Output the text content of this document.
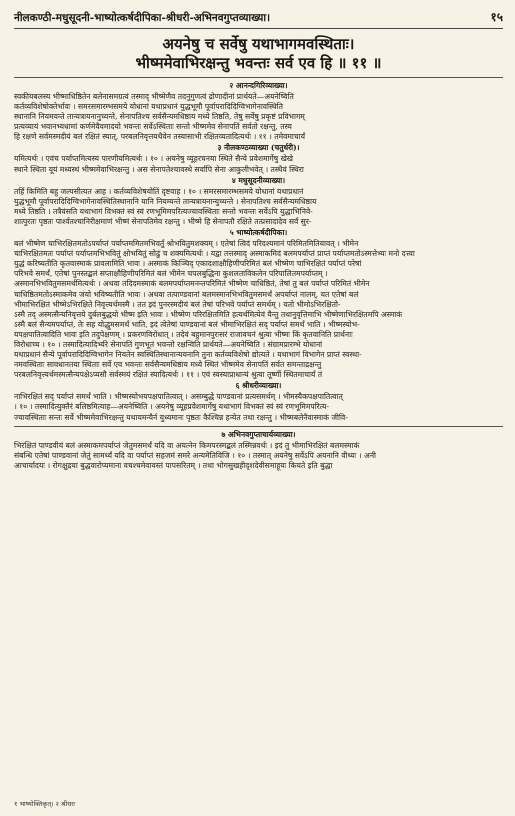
नीलकण्ठी-मधुसूदनी-भाष्योत्कर्षदीपिका-श्रीधरी-अभिनवगुप्तव्याख्या।	१५
अयनेषु च सर्वेषु यथाभागमवस्थिताः।
भीष्ममेवाभिरक्षन्तु भवन्तः सर्व एव हि ॥ ११ ॥
२ आनन्दगिरिव्याख्या।

स्वकीयबलस्य भीष्माधिष्ठितेन बलेनासमग्रत्वं तस्माद् भीष्मेणैव तदनुगुणत्वं द्रोणादीनां प्रार्थयते—अयनेष्विति

कर्तव्यविशेषोक्तेर्भावः । समरसमारम्भसमये योधानां यथाप्रधानं युद्धभूमौ पूर्वापरादिदिग्विभागेनावस्थिति

स्थानानि नियमयन्ते तान्यत्रायनानुच्यन्ते, सेनापतिश्च सर्वसैन्यमधिष्ठाय मध्ये तिष्ठति, तेषु सर्वेषु प्रकृष्टं प्रविभागम्

प्रत्यव्यायं भवानभ्यधामां कर्णमेवैवमादयो भवन्तः सर्वेऽस्थिताः सन्तो भीष्ममेव सेनापतिं सर्वतो रक्षन्तु, तस्य

हि रक्षणे सर्वमस्मदीयं बलं रक्षितं स्यात्, परबलनिवृत्तयथैवेन तस्यासाभी रक्षितव्यतादित्यर्थः । ११ । तमेवमाचार्यं

३ नीलकण्ठव्याख्या (चतुर्धरी)।

यमित्यर्थः । एवंच पर्याप्तमित्यस्य पारणीयमित्यर्थः । १० । अयनेषु व्यूहरचनया स्थिते सैन्ये प्रवेशमार्गेषु खेखे

स्थाने स्थिता यूयं मध्यस्थं भीष्ममेवाभिरक्षन्तु । अस सेनापतेश्चावस्थे सर्वापि सेना आकुलीभवेत् । तस्थैवं स्थिरा

४ मधुसूदनीव्याख्या।

तर्हि किमिति बहु जल्पसीत्यत आह । कर्तव्यविशेषयोतिं दृष्टवाह । १० । समरसमारम्भसमये योधानां यथाप्रधानं

युद्धभूमौ पूर्वापरादिदिग्विभागेनावस्थितिस्थानानि यानि नियम्यन्ते तान्यत्रायनान्युच्यन्ते । सेनापतिश्च सर्वसैन्यमधिष्ठाय

मध्ये तिष्ठति । तत्रैवंसति यथाभागं विभक्तं स्वं स्वं रणभूमिमपरित्यज्यावस्थिताः सन्तो भवन्तः सर्वेऽपि युद्धाभिनिवे-

शात्पुरतः पृष्ठतः पार्श्वतश्चानिरीक्षमाणं भीष्मं सेनापतिमेव रक्षन्तु । भीष्मे हि सेनापतौ रक्षिते तत्प्रसादादेव सर्वं सुर-

५ भाष्योत्कर्षदीपिका।

बलं भीष्मेण चाभिरक्षितमतोऽपर्याप्तं पर्याप्तममितमभिवर्तुं श्रोभयितुमशक्यम् । एतेषां त्विदं परिदश्यमानं परिमितमितियावत् । भीमेन

चाभिरक्षितमतः पर्याप्तं पर्याप्तमभिभवितुं क्षोभयितुं सोढुं च शक्यमित्यर्थः । यद्वा तत्तस्माद् अस्माकमिदं बलमपर्याप्तं प्राप्तं पर्याप्तमतोऽस्मत्तेभ्यः मनो दत्त्वा

युद्धं करिष्यतीति कृतवास्माकं प्रावलामिति भावः । अस्माकं किञ्चिद् एकादशाक्षौहिणीपरिमितं बलं भीष्मेण चाभिरक्षितं पर्याप्तं परेषां

परिभवे समर्थं, एतेषां पुनस्तद्बलं सप्ताक्षौहिणीपरिमितं बलं भीमेन चपलबुद्धिना कुशलताविकलेन परिपालितमपर्याप्तम् ।

अस्मानभिभवितुमसमर्थमित्यर्थः । अथवा तदिदमस्माकं बलमपर्याप्तमनन्तपरिमितं भीष्मेण चाधिष्ठितं, तेषां तु बलं पर्याप्तं परिमितं भीमेन

चाधिष्ठितमतोऽस्माकमेव जयो भविष्यतीति भावः । अथवा तत्पाण्डवानां बलमस्मानभिभवितुमसमर्थं अपर्याप्तं नालम्, यत एतेषां बलं

भीमाभिरक्षितं भीष्मेऽभिरक्षिते निवृत्त्यर्थमस्मै । तत इदं पुनरस्मदीयं बलं तेषां परिभवे पर्याप्तं समर्थम् । यतो भीमोऽभिरक्षितो-

ऽस्मै तद् अस्मत्सैन्यनिवृत्तये दुर्बलबुद्धयो भीष्म इति भावः । भीष्मेण परिरक्षितमिति हत्यर्थमित्येवं यैन्तु तथानुवृत्तिमाभि भीष्मेणाभिरक्षितमपि अस्माकं

ऽस्मै बलं सैन्यमपर्याप्तं, तेः सह योद्धुमसमर्थं भाति, इदं त्वेतेषां पाण्डवानां बलं भीमाभिरक्षितं सद् पर्याप्तं समर्थं भाति । भीष्मस्योभ-

यपक्षपातित्वादिति भावः इति तदुपेक्षणम् । प्रकरणविरोधात् । तदेवं बहुमानपुरःसरं राजावचनं श्रुत्वा भीष्मः किं कृतवानिति प्रार्थनाः

विरोधाच्च । १० । तस्मादित्यादिर्भ्यरे सेनापतिं गुणभूतं भवन्तो रक्षन्विति प्रार्थयते—अयनेष्विति । संग्रामप्रारम्भे योधानां

यथाप्रधानं सैन्ये पूर्वापरादिदिग्विभागेन नियतेन स्वस्थितिस्थानान्ययनानि तुना कर्तव्यविशेषो द्योत्यते । यथाभागं विभागेन प्राप्तं स्वस्था-

नमवस्थिताः सावधानतया स्थिताः सर्वे एव भवन्तः सर्वसैन्यमधिष्ठाय मध्ये स्थितं भीष्ममेव सेनापतिं सर्वत समन्ताद्रक्षन्तु

परबलनिवृत्त्यर्थमस्मत्सैन्यपक्षेऽप्यसौ सर्वस्मयं रक्षितं स्यादित्यर्थः । ११ । एवं स्वस्याप्राधान्यं श्रुत्वा तूष्णीं स्थितमाचार्यं तं

६ श्रीधरीव्याख्या।

नाभिरक्षितं सद् पर्याप्तं समर्थं भाति । भीष्मस्योभयपक्षपातित्वात् । असम्बुद्धे पाण्डवानां प्रत्यसमर्थम् । भीमस्यैकपक्षपातित्वात्

। १० । तस्मादित्युक्तैरं बलिष्ठमित्याह—अयनेष्विति । अयनेषु व्यूहप्रवेशमार्गेषु यथाभागं विभक्तं स्वं स्वं रणभूमिमपरित्य-

ज्यावस्थिताः सन्तः सर्वे भीष्ममेवाभिरक्षन्तु यथायमन्यैर्न युध्यमानः पृष्ठतः कैश्चिन्न हन्येत तथा रक्षन्तु । भीष्मबलेनैवास्माकं जीवि-

७ अभिनवगुप्ताचार्यव्याख्या।

भिरक्षितं पाण्डवीयं बलं अस्माकमपर्याप्तं जेतुमसमर्थं यदि वा अयत्नेन किमपरस्मद्बलं तस्मिन्नवर्थः । इदं तु भीमाभिरक्षितं बलमस्माकं

संबन्धि एतेषां पाण्डवानां जेतुं सामर्थ्यं यदि वा पर्याप्तं सहजमं समरे अन्यमेतिविजि । १० । तस्मात् अयनेषु सर्वेऽपि अयनानि वीथ्यः । अनी

आचार्यादयः । रोगक्षुद्रया बुद्धवारोप्यमाना वचश्चमेवावस्तं पापसरितम् । तथा भोगसुखहीदृशदेवीसमाहूयः कियते इति बुद्धा

१ भाष्योक्तिकृत्। २ श्रीधरः
